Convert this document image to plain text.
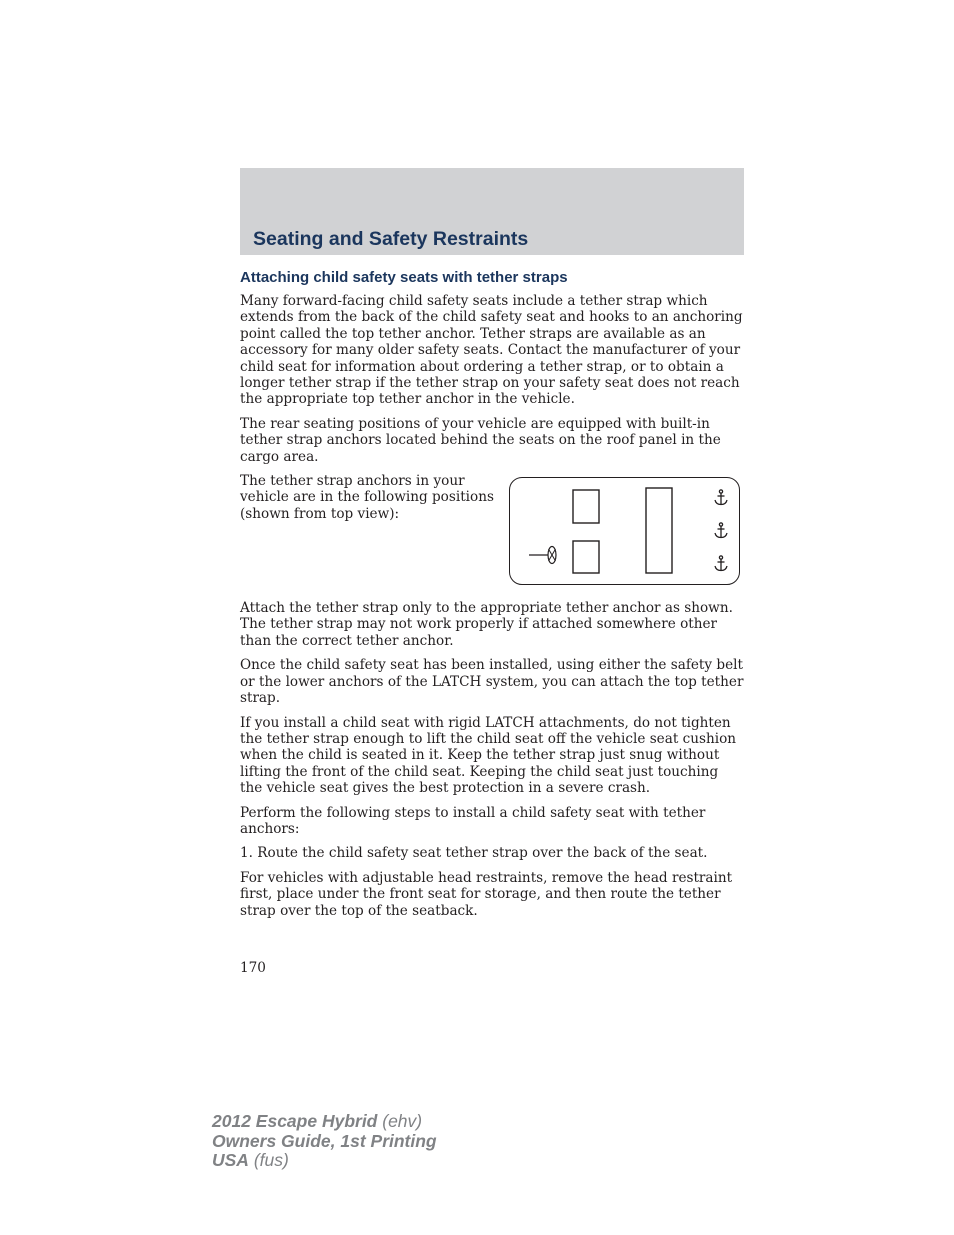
Seating and Safety Restraints
Attaching child safety seats with tether straps

Many forward-facing child safety seats include a tether strap which extends from the back of the child safety seat and hooks to an anchoring point called the top tether anchor. Tether straps are available as an accessory for many older safety seats. Contact the manufacturer of your child seat for information about ordering a tether strap, or to obtain a longer tether strap if the tether strap on your safety seat does not reach the appropriate top tether anchor in the vehicle.

The rear seating positions of your vehicle are equipped with built-in tether strap anchors located behind the seats on the roof panel in the cargo area.

The tether strap anchors in your vehicle are in the following positions (shown from top view):

Attach the tether strap only to the appropriate tether anchor as shown. The tether strap may not work properly if attached somewhere other than the correct tether anchor.

Once the child safety seat has been installed, using either the safety belt or the lower anchors of the LATCH system, you can attach the top tether strap.

If you install a child seat with rigid LATCH attachments, do not tighten the tether strap enough to lift the child seat off the vehicle seat cushion when the child is seated in it. Keep the tether strap just snug without lifting the front of the child seat. Keeping the child seat just touching the vehicle seat gives the best protection in a severe crash.

Perform the following steps to install a child safety seat with tether anchors:

1. Route the child safety seat tether strap over the back of the seat.

For vehicles with adjustable head restraints, remove the head restraint first, place under the front seat for storage, and then route the tether strap over the top of the seatback.

170

2012 Escape Hybrid (ehv)
Owners Guide, 1st Printing
USA (fus)
